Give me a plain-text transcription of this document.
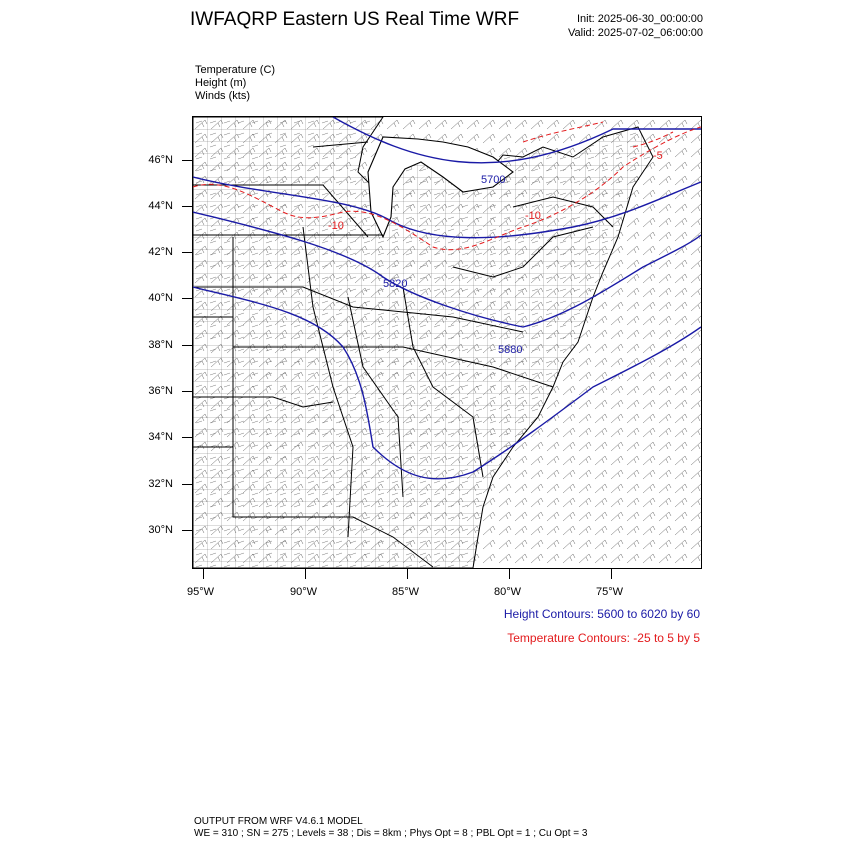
IWFAQRP Eastern US Real Time WRF	Init: 2025-06-30_00:00:00
Valid: 2025-07-02_06:00:00
Temperature (C)
Height (m)
Winds (kts)
5700
5820
5880
-10
-10
-5
46°N
44°N
42°N
40°N
38°N
36°N
34°N
32°N
30°N
95°W	90°W	85°W	80°W	75°W
Height Contours: 5600 to 6020 by 60
Temperature Contours: -25 to 5 by 5
OUTPUT FROM WRF V4.6.1 MODEL
WE = 310 ; SN = 275 ; Levels = 38 ; Dis = 8km ; Phys Opt = 8 ; PBL Opt = 1 ; Cu Opt = 3
